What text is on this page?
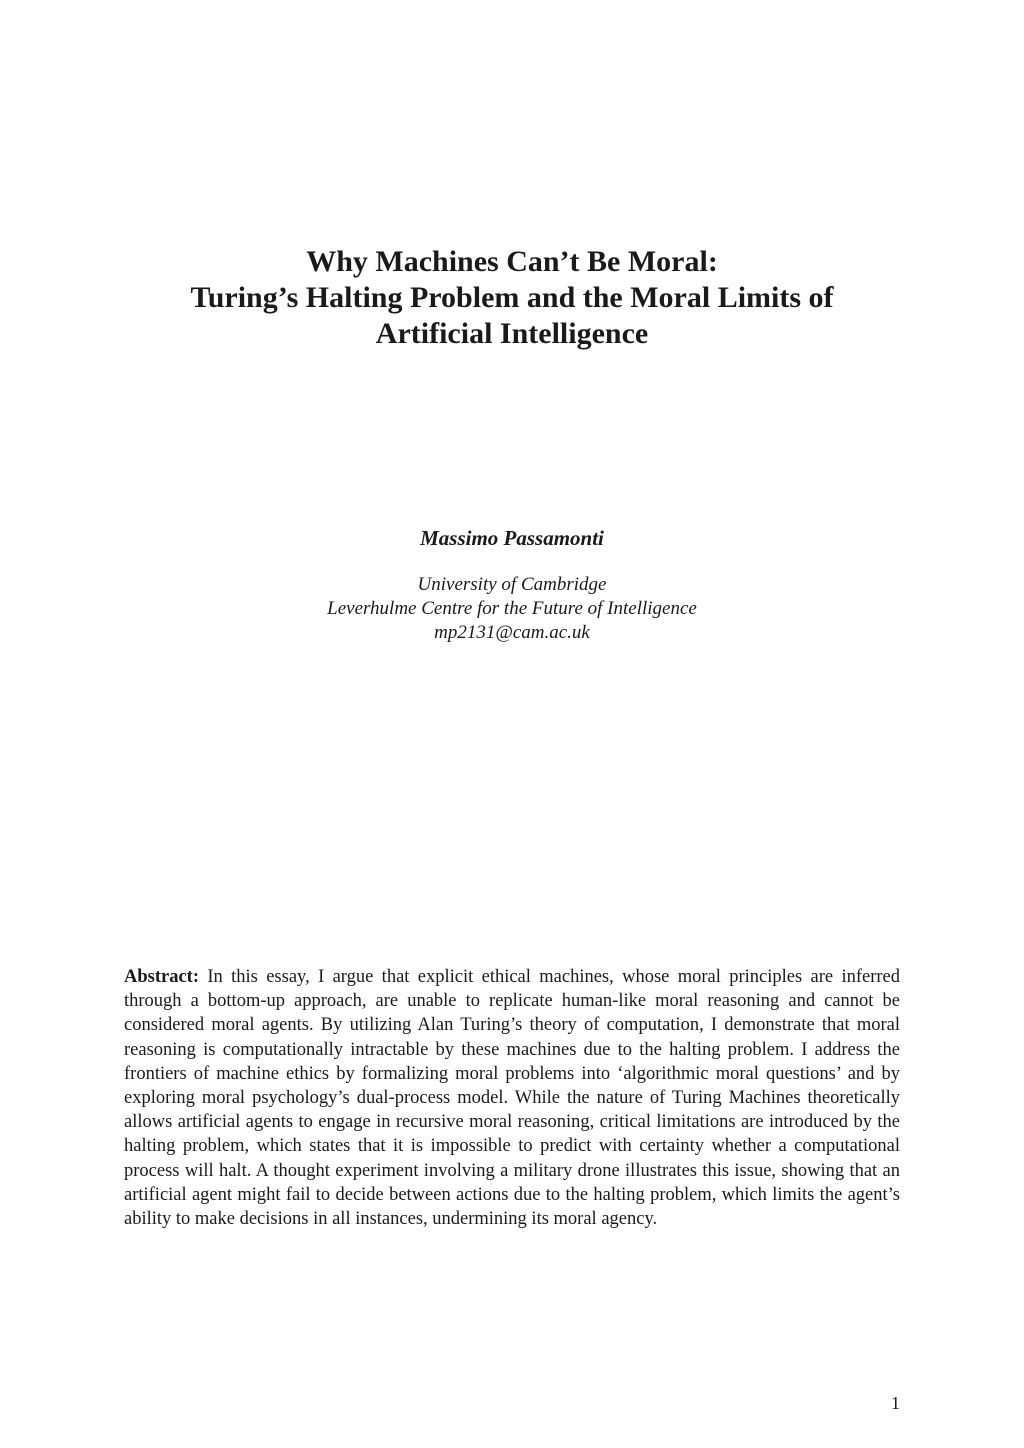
Why Machines Can’t Be Moral:
Turing’s Halting Problem and the Moral Limits of
Artificial Intelligence
Massimo Passamonti
University of Cambridge
Leverhulme Centre for the Future of Intelligence
mp2131@cam.ac.uk
Abstract: In this essay, I argue that explicit ethical machines, whose moral principles are inferred through a bottom-up approach, are unable to replicate human-like moral reasoning and cannot be considered moral agents. By utilizing Alan Turing’s theory of computation, I demonstrate that moral reasoning is computationally intractable by these machines due to the halting problem. I address the frontiers of machine ethics by formalizing moral problems into ‘algorithmic moral questions’ and by exploring moral psychology’s dual-process model. While the nature of Turing Machines theoretically allows artificial agents to engage in recursive moral reasoning, critical limitations are introduced by the halting problem, which states that it is impossible to predict with certainty whether a computational process will halt. A thought experiment involving a military drone illustrates this issue, showing that an artificial agent might fail to decide between actions due to the halting problem, which limits the agent’s ability to make decisions in all instances, undermining its moral agency.
1
